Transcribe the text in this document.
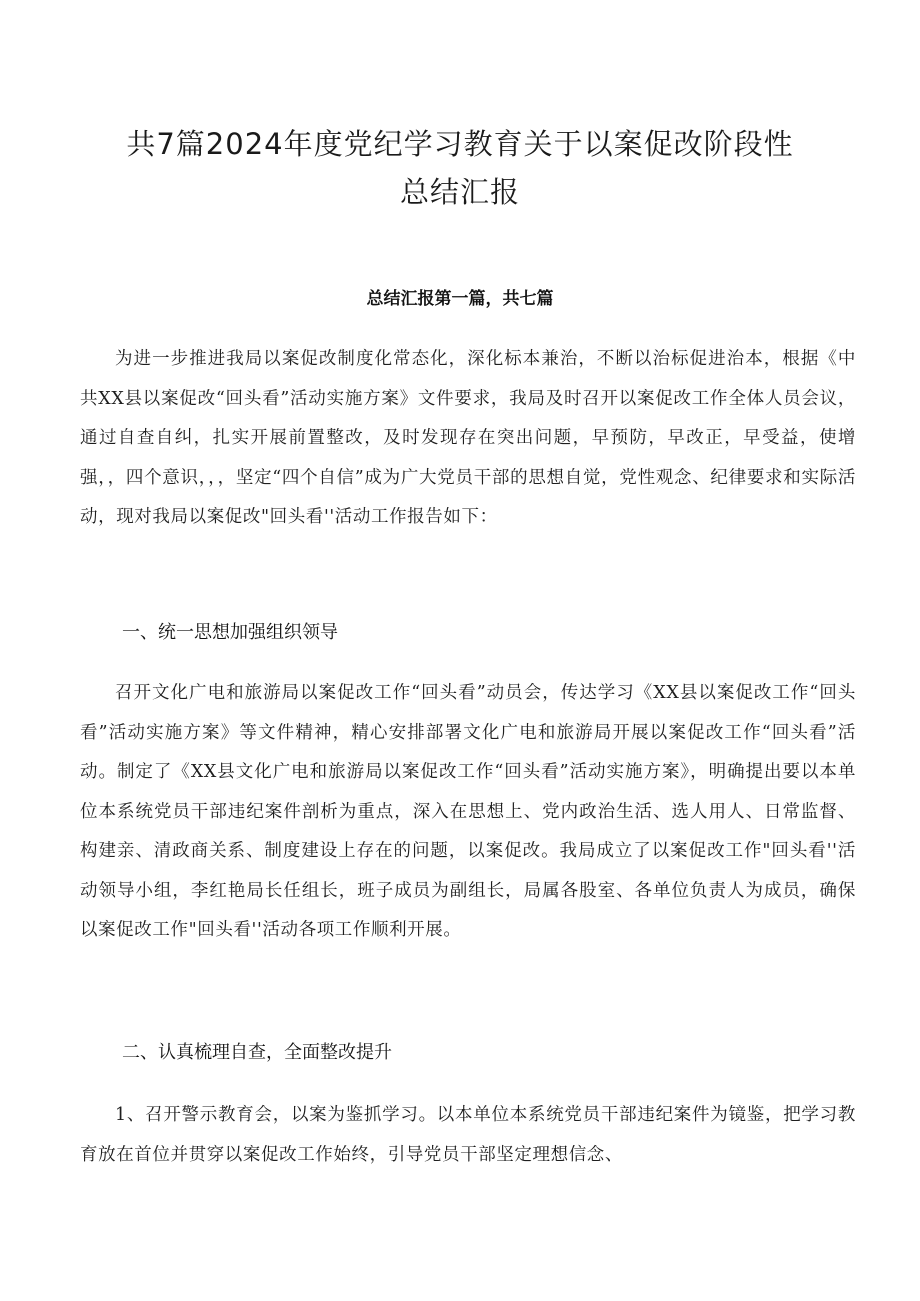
共7篇2024年度党纪学习教育关于以案促改阶段性
总结汇报
总结汇报第一篇，共七篇

为进一步推进我局以案促改制度化常态化，深化标本兼治，不断以治标促进治本，根据《中共XX县以案促改“回头看”活动实施方案》文件要求，我局及时召开以案促改工作全体人员会议，通过自查自纠，扎实开展前置整改，及时发现存在突出问题，早预防，早改正，早受益，使增强，，四个意识，，，坚定“四个自信”成为广大党员干部的思想自觉，党性观念、纪律要求和实际活动，现对我局以案促改"回头看''活动工作报告如下：

一、统一思想加强组织领导

召开文化广电和旅游局以案促改工作“回头看”动员会，传达学习《XX县以案促改工作“回头看”活动实施方案》等文件精神，精心安排部署文化广电和旅游局开展以案促改工作“回头看”活动。制定了《XX县文化广电和旅游局以案促改工作“回头看”活动实施方案》，明确提出要以本单位本系统党员干部违纪案件剖析为重点，深入在思想上、党内政治生活、选人用人、日常监督、构建亲、清政商关系、制度建设上存在的问题，以案促改。我局成立了以案促改工作"回头看''活动领导小组，李红艳局长任组长，班子成员为副组长，局属各股室、各单位负责人为成员，确保以案促改工作"回头看''活动各项工作顺利开展。

二、认真梳理自查，全面整改提升

1、召开警示教育会，以案为鉴抓学习。以本单位本系统党员干部违纪案件为镜鉴，把学习教育放在首位并贯穿以案促改工作始终，引导党员干部坚定理想信念、
